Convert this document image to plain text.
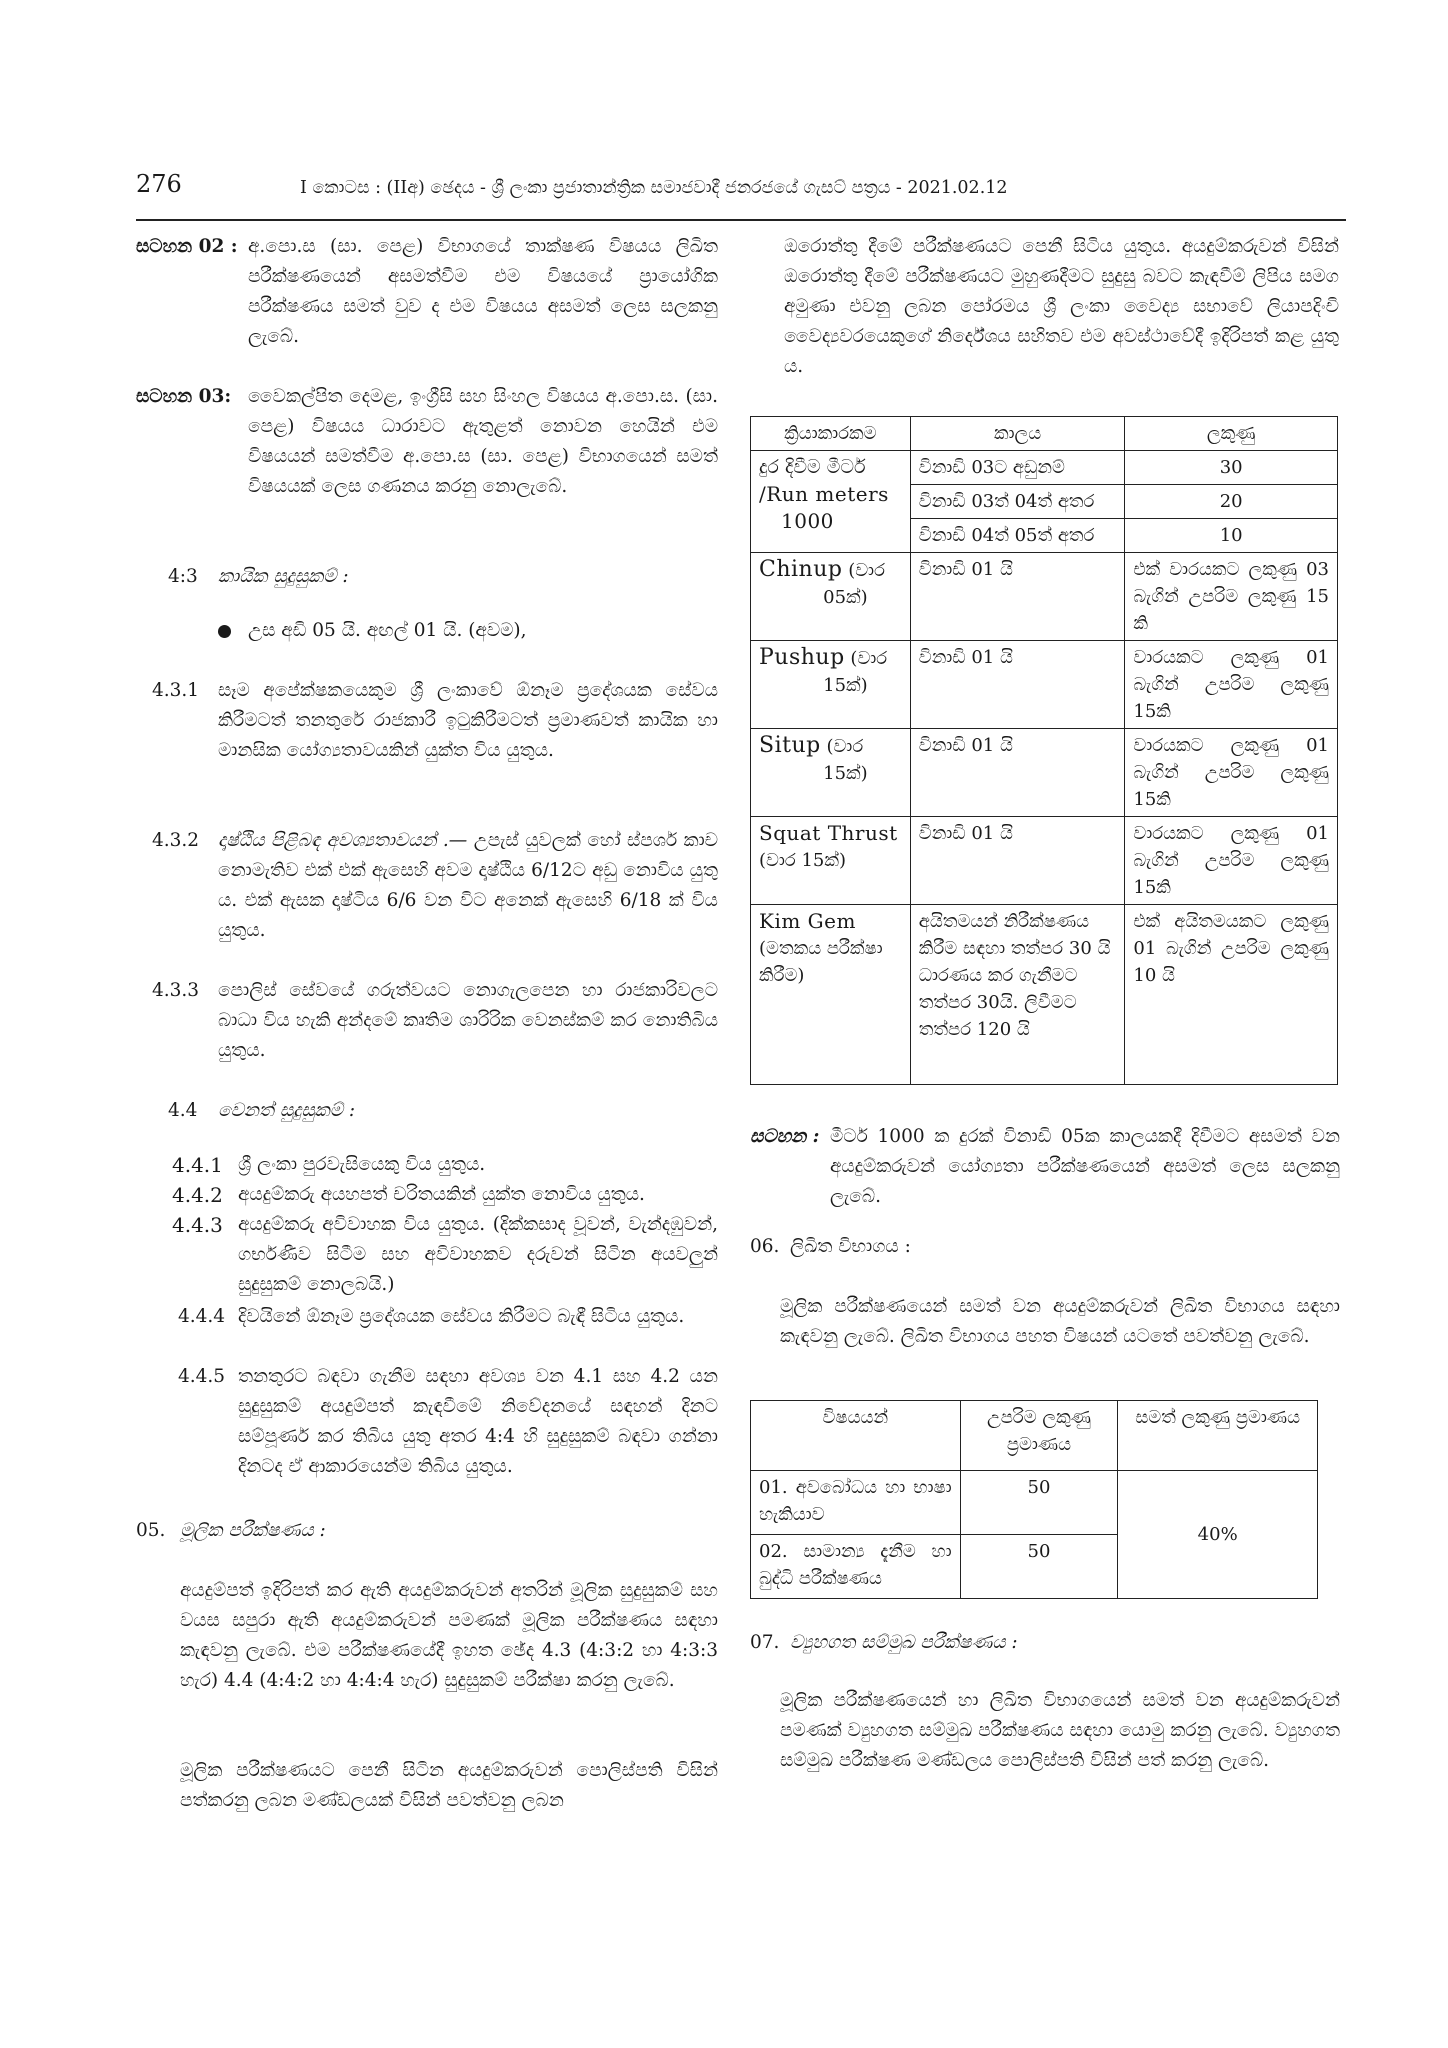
276	I කොටස : (IIඅ) ඡෙදය - ශ්‍රී ලංකා ප්‍රජාතාන්ත්‍රික සමාජවාදී ජනරජයේ ගැසට් පත්‍රය - 2021.02.12
සටහන 02 : අ.පො.ස (සා. පෙළ) විභාගයේ තාක්ෂණ විෂයය ලිඛිත පරීක්ෂණයෙන් අසමත්වීම එම විෂයයේ ප්‍රායෝගික පරීක්ෂණය සමත් වුව ද එම විෂයය අසමත් ලෙස සලකනු ලැබේ.
සටහන 03: වෛකල්පිත දෙමළ, ඉංග්‍රීසි සහ සිංහල විෂයය අ.පො.ස. (සා. පෙළ) විෂයය ධාරාවට ඇතුළත් නොවන හෙයින් එම විෂයයන් සමත්වීම අ.පො.ස (සා. පෙළ) විභාගයෙන් සමත් විෂයයක් ලෙස ගණනය කරනු නොලැබේ.
4:3 කායික සුදුසුකම් :
උස අඩි 05 යි. අඟල් 01 යි. (අවම),
4.3.1 සෑම අපේක්ෂකයෙකුම ශ්‍රී ලංකාවේ ඕනෑම ප්‍රදේශයක සේවය කිරීමටත් තනතුරේ රාජකාරී ඉටුකිරීමටත් ප්‍රමාණවත් කායික හා මානසික යෝග්‍යතාවයකින් යුක්ත විය යුතුය.
4.3.2 දෘෂ්ඨිය පිළිබඳ අවශ්‍යතාවයන් .— උපැස් යුවලක් හෝ ස්පර්ශ කාච නොමැතිව එක් එක් ඇසෙහි අවම දෘෂ්ඨිය 6/12ට අඩු නොවිය යුතු ය. එක් ඇසක දෘෂ්ටිය 6/6 වන විට අනෙක් ඇසෙහි 6/18 ක් විය යුතුය.
4.3.3 පොලිස් සේවයේ ගරුත්වයට නොගැලපෙන හා රාජකාරිවලට බාධා විය හැකි අන්දමේ කෘතිම ශාරිරික වෙනස්කම් කර නොතිබිය යුතුය.
4.4 වෙනත් සුදුසුකම් :
4.4.1 ශ්‍රී ලංකා පුරවැසියෙකු විය යුතුය.
4.4.2 අයදුම්කරු අයහපත් චරිතයකින් යුක්ත නොවිය යුතුය.
4.4.3 අයදුම්කරු අවිවාහක විය යුතුය. (දික්කසාද වූවන්, වැන්දඹුවන්, ගර්භණීව සිටීම සහ අවිවාහකව දරුවන් සිටින අයවලුන් සුදුසුකම් නොලබයි.)
4.4.4 දිවයිනේ ඕනෑම ප්‍රදේශයක සේවය කිරීමට බැඳී සිටිය යුතුය.
4.4.5 තනතුරට බඳවා ගැනීම සඳහා අවශ්‍ය වන 4.1 සහ 4.2 යන සුදුසුකම් අයදුම්පත් කැඳවීමේ නිවේදනයේ සඳහන් දිනට සම්පූර්ණ කර තිබිය යුතු අතර 4:4 හි සුදුසුකම් බඳවා ගන්නා දිනටද ඒ ආකාරයෙන්ම තිබිය යුතුය.
05. මූලික පරීක්ෂණය :
අයදුම්පත් ඉදිරිපත් කර ඇති අයදුම්කරුවන් අතරින් මූලික සුදුසුකම් සහ වයස සපුරා ඇති අයදුම්කරුවන් පමණක් මූලික පරීක්ෂණය සඳහා කැඳවනු ලැබේ. එම පරීක්ෂණයේදී ඉහත ඡේද 4.3 (4:3:2 හා 4:3:3 හැර) 4.4 (4:4:2 හා 4:4:4 හැර) සුදුසුකම් පරීක්ෂා කරනු ලැබේ.
මූලික පරීක්ෂණයට පෙනී සිටින අයදුම්කරුවන් පොලිස්පති විසින් පත්කරනු ලබන මණ්ඩලයක් විසින් පවත්වනු ලබන
ඔරොත්තු දීමේ පරීක්ෂණයට පෙනී සිටිය යුතුය. අයදුම්කරුවන් විසින් ඔරොත්තු දීමේ පරීක්ෂණයට මුහුණදීමට සුදුසු බවට කැඳවීම් ලිපිය සමග අමුණා එවනු ලබන පෝරමය ශ්‍රී ලංකා වෛද්‍ය සභාවේ ලියාපදිංචි වෛද්‍යවරයෙකුගේ නිර්දේශය සහිතව එම අවස්ථාවේදී ඉදිරිපත් කළ යුතු ය.
ක්‍රියාකාරකම	කාලය	ලකුණු

දුර දිවීම මීටර්
/Run meters
1000	විනාඩි 03ට අඩුනම්	30
	විනාඩි 03ත් 04ත් අතර	20
	විනාඩි 04ත් 05ත් අතර	10

Chinup (වාර
05ක්)	විනාඩි 01 යි	එක් වාරයකට ලකුණු 03 බැගින් උපරිම ලකුණු 15 කි

Pushup (වාර
15ක්)	විනාඩි 01 යි	වාරයකට ලකුණු 01 බැගින් උපරිම ලකුණු 15කි

Situp (වාර
15ක්)	විනාඩි 01 යි	වාරයකට ලකුණු 01 බැගින් උපරිම ලකුණු 15කි

Squat Thrust
(වාර 15ක්)	විනාඩි 01 යි	වාරයකට ලකුණු 01 බැගින් උපරිම ලකුණු 15කි

Kim Gem
(මතකය පරීක්ෂා කිරීම)	අයිතමයන් නිරීක්ෂණය කිරීම සඳහා තත්පර 30 යි ධාරණය කර ගැනීමට තත්පර 30යි. ලිවීමට තත්පර 120 යි	එක් අයිතමයකට ලකුණු 01 බැගින් උපරිම ලකුණු 10 යි
සටහන : මීටර් 1000 ක දුරක් විනාඩි 05ක කාලයකදී දිවීමට අසමත් වන අයදුම්කරුවන් යෝග්‍යතා පරීක්ෂණයෙන් අසමත් ලෙස සලකනු ලැබේ.
06. ලිඛිත විභාගය :
මූලික පරීක්ෂණයෙන් සමත් වන අයදුම්කරුවන් ලිඛිත විභාගය සඳහා කැඳවනු ලැබේ. ලිඛිත විභාගය පහත විෂයන් යටතේ පවත්වනු ලැබේ.
විෂයයන්	උපරිම ලකුණු ප්‍රමාණය	සමත් ලකුණු ප්‍රමාණය
01. අවබෝධය හා භාෂා හැකියාව	50	40%
02. සාමාන්‍ය දැනීම හා බුද්ධි පරීක්ෂණය	50	
07. ව්‍යුහගත සම්මුඛ පරීක්ෂණය :
මූලික පරීක්ෂණයෙන් හා ලිඛිත විභාගයෙන් සමත් වන අයදුම්කරුවන් පමණක් ව්‍යුහගත සම්මුඛ පරීක්ෂණය සඳහා යොමු කරනු ලැබේ. ව්‍යුහගත සම්මුඛ පරීක්ෂණ මණ්ඩලය පොලිස්පති විසින් පත් කරනු ලැබේ.
